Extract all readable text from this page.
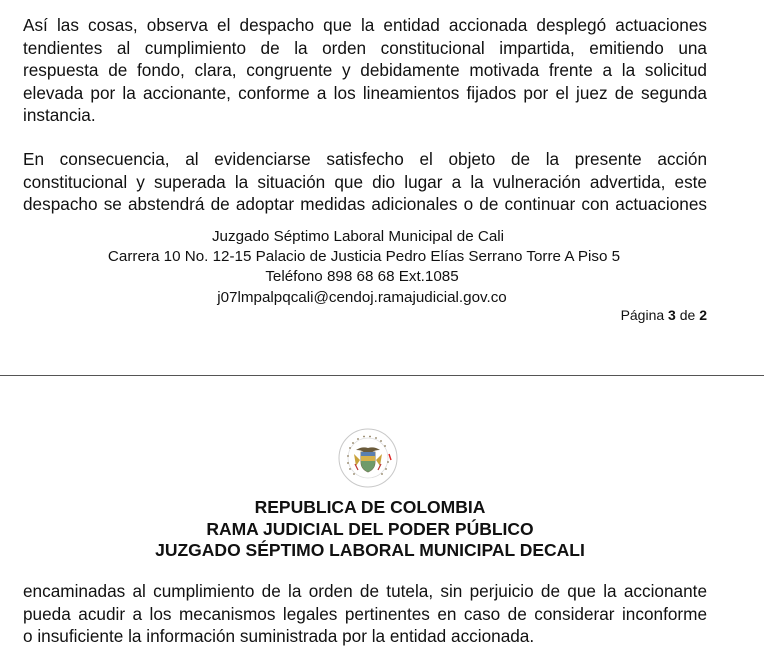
Así las cosas, observa el despacho que la entidad accionada desplegó actuaciones
tendientes al cumplimiento de la orden constitucional impartida, emitiendo una
respuesta de fondo, clara, congruente y debidamente motivada frente a la solicitud
elevada por la accionante, conforme a los lineamientos fijados por el juez de segunda
instancia.
En consecuencia, al evidenciarse satisfecho el objeto de la presente acción
constitucional y superada la situación que dio lugar a la vulneración advertida, este
despacho se abstendrá de adoptar medidas adicionales o de continuar con actuaciones
Juzgado Séptimo Laboral Municipal de Cali
Carrera 10 No. 12-15 Palacio de Justicia Pedro Elías Serrano Torre A Piso 5
Teléfono 898 68 68 Ext.1085
j07lmpalpqcali@cendoj.ramajudicial.gov.co
Página 3 de 2
REPUBLICA DE COLOMBIA
RAMA JUDICIAL DEL PODER PÚBLICO
JUZGADO SÉPTIMO LABORAL MUNICIPAL DECALI
encaminadas al cumplimiento de la orden de tutela, sin perjuicio de que la accionante
pueda acudir a los mecanismos legales pertinentes en caso de considerar inconforme
o insuficiente la información suministrada por la entidad accionada.
